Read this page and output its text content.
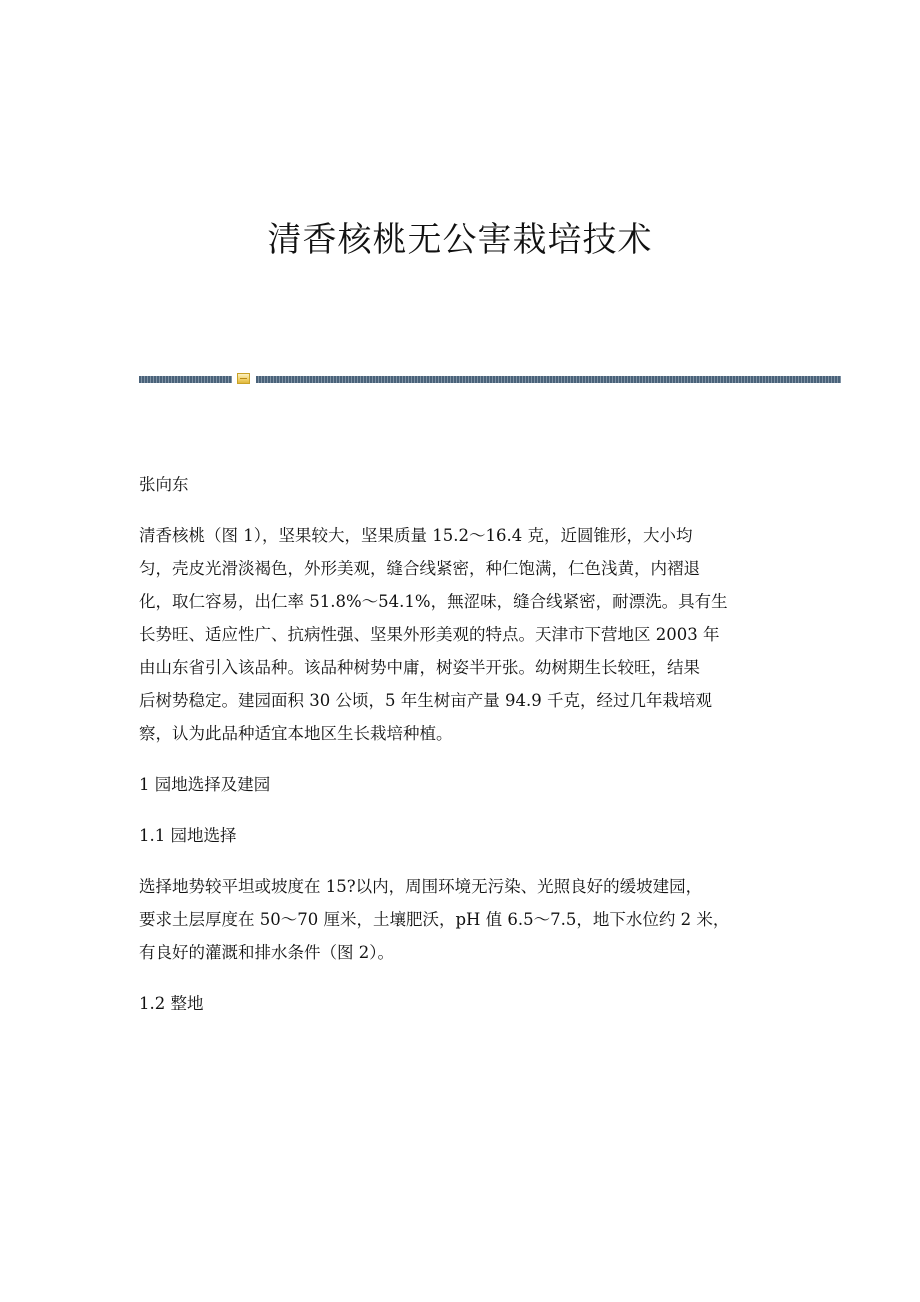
清香核桃无公害栽培技术

张向东

清香核桃（图 1），坚果较大，坚果质量 15.2～16.4 克，近圆锥形，大小均

匀，壳皮光滑淡褐色，外形美观，缝合线紧密，种仁饱满，仁色浅黄，内褶退

化，取仁容易，出仁率 51.8%～54.1%，無涩味，缝合线紧密，耐漂洗。具有生

长势旺、适应性广、抗病性强、坚果外形美观的特点。天津市下营地区 2003 年

由山东省引入该品种。该品种树势中庸，树姿半开张。幼树期生长较旺，结果

后树势稳定。建园面积 30 公顷，5 年生树亩产量 94.9 千克，经过几年栽培观

察，认为此品种适宜本地区生长栽培种植。

1 园地选择及建园

1.1 园地选择

选择地势较平坦或坡度在 15?以内，周围环境无污染、光照良好的缓坡建园，

要求土层厚度在 50～70 厘米，土壤肥沃，pH 值 6.5～7.5，地下水位约 2 米，

有良好的灌溉和排水条件（图 2）。

1.2 整地
